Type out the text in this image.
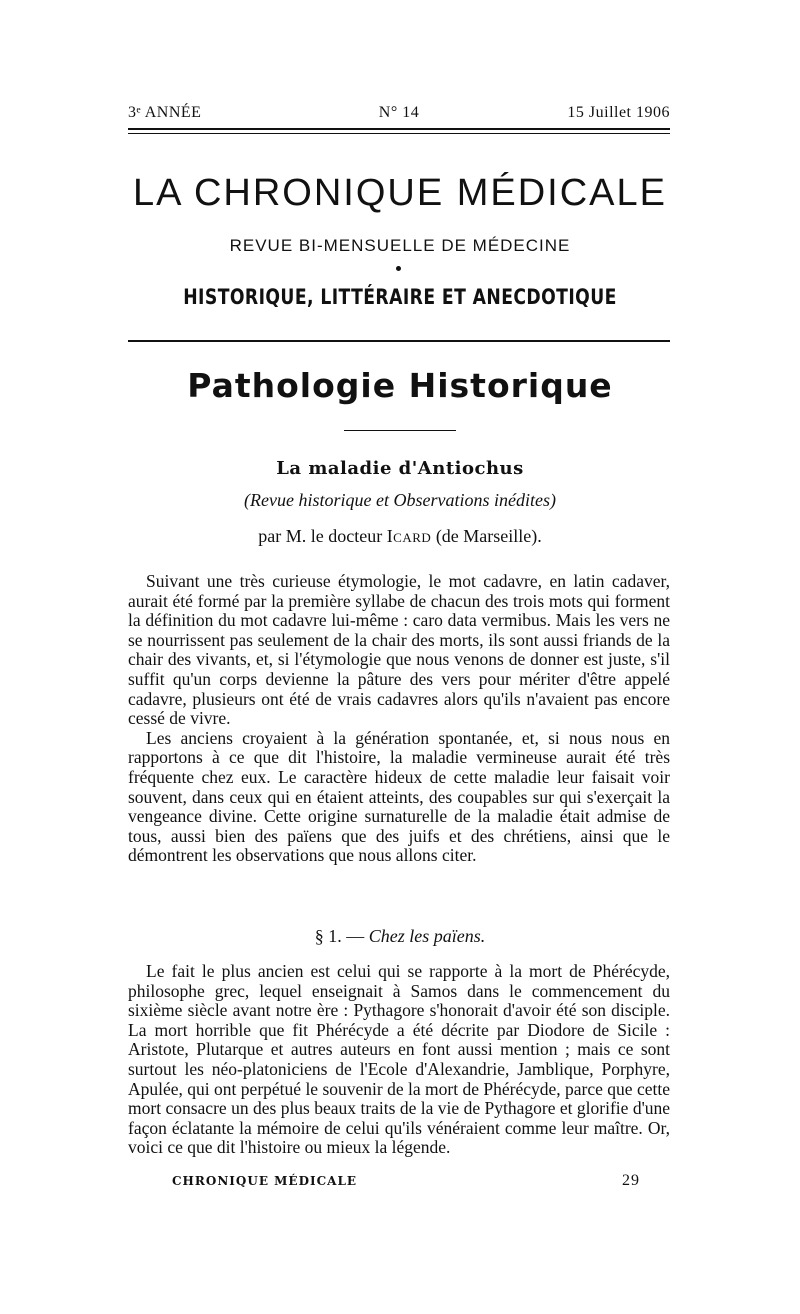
3ᵉ ANNÉE	N° 14	15 Juillet 1906
LA CHRONIQUE MÉDICALE
REVUE BI-MENSUELLE DE MÉDECINE
HISTORIQUE, LITTÉRAIRE ET ANECDOTIQUE
Pathologie Historique
La maladie d'Antiochus
(Revue historique et Observations inédites)
par M. le docteur Icard (de Marseille).

Suivant une très curieuse étymologie, le mot cadavre, en latin cadaver, aurait été formé par la première syllabe de chacun des trois mots qui forment la définition du mot cadavre lui-même : caro data vermibus. Mais les vers ne se nourrissent pas seulement de la chair des morts, ils sont aussi friands de la chair des vivants, et, si l'étymologie que nous venons de donner est juste, s'il suffit qu'un corps devienne la pâture des vers pour mériter d'être appelé cadavre, plusieurs ont été de vrais cadavres alors qu'ils n'avaient pas encore cessé de vivre.

Les anciens croyaient à la génération spontanée, et, si nous nous en rapportons à ce que dit l'histoire, la maladie vermineuse aurait été très fréquente chez eux. Le caractère hideux de cette maladie leur faisait voir souvent, dans ceux qui en étaient atteints, des coupables sur qui s'exerçait la vengeance divine. Cette origine surnaturelle de la maladie était admise de tous, aussi bien des païens que des juifs et des chrétiens, ainsi que le démontrent les observations que nous allons citer.

§ 1. — Chez les païens.

Le fait le plus ancien est celui qui se rapporte à la mort de Phérécyde, philosophe grec, lequel enseignait à Samos dans le commencement du sixième siècle avant notre ère : Pythagore s'honorait d'avoir été son disciple. La mort horrible que fit Phérécyde a été décrite par Diodore de Sicile : Aristote, Plutarque et autres auteurs en font aussi mention ; mais ce sont surtout les néo-platoniciens de l'Ecole d'Alexandrie, Jamblique, Porphyre, Apulée, qui ont perpétué le souvenir de la mort de Phérécyde, parce que cette mort consacre un des plus beaux traits de la vie de Pythagore et glorifie d'une façon éclatante la mémoire de celui qu'ils vénéraient comme leur maître. Or, voici ce que dit l'histoire ou mieux la légende.

CHRONIQUE MÉDICALE	29
